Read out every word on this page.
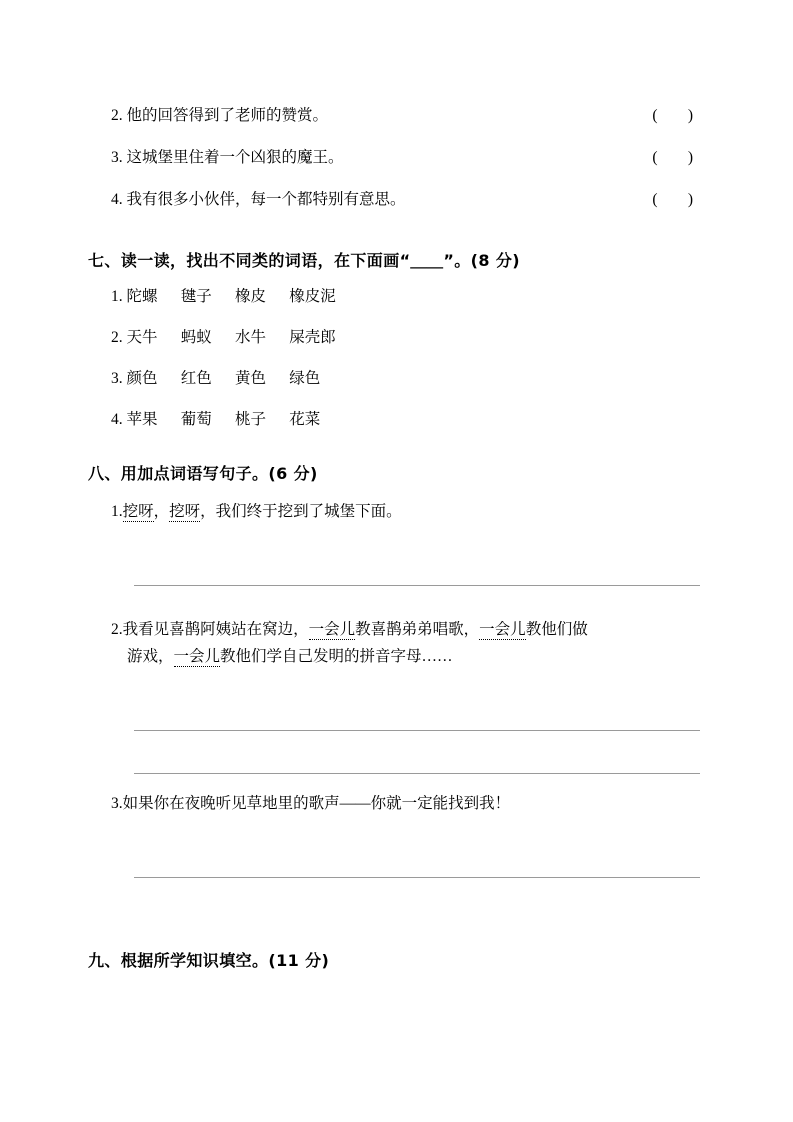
2. 他的回答得到了老师的赞赏。	(      )
3. 这城堡里住着一个凶狠的魔王。	(      )
4. 我有很多小伙伴，每一个都特别有意思。	(      )
七、读一读，找出不同类的词语，在下面画“＿＿”。(8 分)
1. 陀螺      毽子      橡皮      橡皮泥
2. 天牛      蚂蚁      水牛      屎壳郎
3. 颜色      红色      黄色      绿色
4. 苹果      葡萄      桃子      花菜
八、用加点词语写句子。(6 分)
1.挖呀，挖呀，我们终于挖到了城堡下面。
2.我看见喜鹊阿姨站在窝边，一会儿教喜鹊弟弟唱歌，一会儿教他们做
游戏，一会儿教他们学自己发明的拼音字母……
3.如果你在夜晚听见草地里的歌声——你就一定能找到我！
九、根据所学知识填空。(11 分)
